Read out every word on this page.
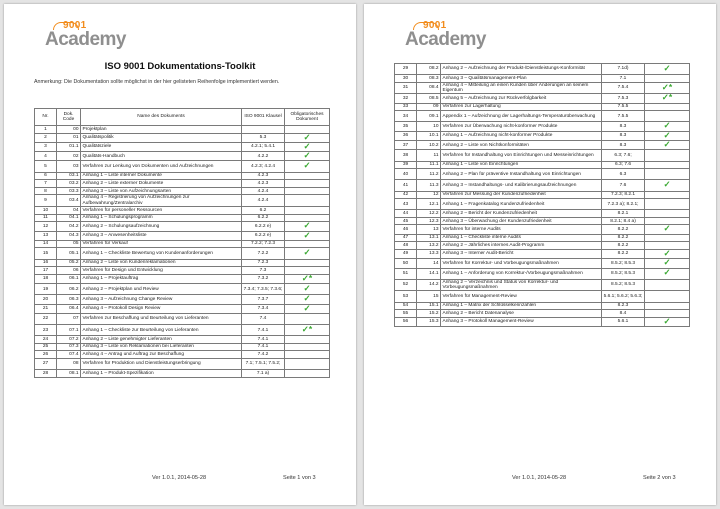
9001
Academy
ISO 9001 Dokumentations-Toolkit
Anmerkung: Die Dokumentation sollte möglichst in der hier gelisteten Reihenfolge implementiert werden.
Nr.	Dok. Code	Name des Dokuments	ISO 9001 Klausel	Obligatorisches Dokument
1	00	Projektplan		
2	01	Qualitätspolitik	5.3	✓
3	01.1	Qualitätsziele	4.2.1; 5.4.1	✓
4	02	Qualitäts-Handbuch	4.2.2	✓
5	03	Verfahren zur Lenkung von Dokumenten und Aufzeichnungen	4.2.3; 4.2.4	✓
6	03.1	Anhang 1 – Liste interner Dokumente	4.2.3	
7	03.2	Anhang 2 – Liste externer Dokumente	4.2.3	
8	03.3	Anhang 3 – Liste von Aufzeichnungsarten	4.2.4	
9	03.4	Anhang 4 – Registrierung von Aufzeichnungen zur Aufbewahrung/Zentralarchiv	4.2.4	
10	04	Verfahren für personeller Ressourcen	6.2	
11	04.1	Anhang 1 – Schulungsprogramm	6.2.2	
12	04.2	Anhang 2 – Schulungsaufzeichnung	6.2.2 e)	✓
13	04.3	Anhang 3 – Anwesenheitsliste	6.2.2 e)	✓
14	05	Verfahren für Verkauf	7.2.2; 7.2.3	
15	05.1	Anhang 1 – Checkliste Bewertung von Kundenanforderungen	7.2.2	✓
16	05.2	Anhang 2 – Liste von Kundenreklamationen	7.2.3	
17	06	Verfahren für Design und Entwicklung	7.3	
18	06.1	Anhang 1 – Projektauftrag	7.3.2	✓*
19	06.2	Anhang 2 – Projektplan und Review	7.3.4; 7.3.5; 7.3.6;	✓
20	06.3	Anhang 3 – Aufzeichnung Change Review	7.3.7	✓
21	06.4	Anhang 4 – Protokoll Design Review	7.3.4	✓
22	07	Verfahren zur Beschaffung und Beurteilung von Lieferanten	7.4	
23	07.1	Anhang 1 – Checkliste zur Beurteilung von Lieferanten	7.4.1	✓*
24	07.2	Anhang 2 – Liste genehmigter Lieferanten	7.4.1	
25	07.3	Anhang 3 – Liste von Reklamationen bei Lieferanten	7.4.1	
26	07.4	Anhang 4 – Antrag und Auftrag zur Beschaffung	7.4.2	
27	08	Verfahren für Produktion und Dienstleistungserbringung	7.1; 7.5.1; 7.5.2;	
28	08.1	Anhang 1 – Produkt-Spezifikation	7.1 a)	
Ver 1.0.1, 2014-05-28	Seite 1 von 3
9001
Academy
29	08.2	Anhang 2 – Aufzeichnung der Produkt-/Dienstleistungs-Konformität	7.1d)	✓
30	08.3	Anhang 3 – Qualitätsmanagement-Plan	7.1	
31	08.4	Anhang 4 – Mitteilung an einen Kunden über Änderungen an seinem Eigentum	7.5.4	✓*
32	08.5	Anhang 5 – Aufzeichnung zur Rückverfolgbarkeit	7.5.3	✓*
33	09	Verfahren zur Lagerhaltung	7.5.5	
34	09.1	Appendix 1 – Aufzeichnung der Lagerhaltungs-Temperaturüberwachung	7.5.5	
35	10	Verfahren zur Überwachung nicht-konformer Produkte	8.3	✓
36	10.1	Anhang 1 – Aufzeichnung nicht-konformer Produkte	8.3	✓
37	10.2	Anhang 2 – Liste von Nichtkonformitäten	8.3	✓
38	11	Verfahren für Instandhaltung von Einrichtungen und Messeinrichtungen	6.3; 7.6;	
39	11.1	Anhang 1 – Liste von Einrichtungen	6.3; 7.6	
40	11.2	Anhang 2 – Plan für präventive Instandhaltung von Einrichtungen	6.3	
41	11.3	Anhang 3 – Instandhaltungs- und Kalibrierungsaufzeichnungen	7.6	✓
42	12	Verfahren zur Messung der Kundenzufriedenheit	7.2.3; 8.2.1	
43	12.1	Anhang 1 – Fragenkatalog Kundenzufriedenheit	7.2.3 a); 8.2.1;	
44	12.2	Anhang 2 – Bericht der Kundenzufriedenheit	8.2.1	
45	12.3	Anhang 3 – Überwachung der Kundenzufriedenheit	8.2.1; 8.4 a)	
46	13	Verfahren für interne Audits	8.2.2	✓
47	13.1	Anhang 1 – Checkliste interne Audits	8.2.2	
48	13.2	Anhang 2 – Jährliches internes Audit-Programm	8.2.2	
49	13.3	Anhang 3 – Interner Audit-Bericht	8.2.2	✓
50	14	Verfahren für Korrektur- und Vorbeugungsmaßnahmen	8.5.2; 8.5.3	✓
51	14.1	Anhang 1 – Anforderung von Korrektur-/Vorbeugungsmaßnahmen	8.5.2; 8.5.3	✓
52	14.2	Anhang 2 – Verzeichnis und Status von Korrektur- und Vorbeugungsmaßnahmen	8.5.2; 8.5.3	
53	15	Verfahren für Management-Review	5.6.1; 5.6.2; 5.6.3;	
54	15.1	Anhang 1 – Matrix der Schlüsselkennzahlen	8.2.3	
55	15.2	Anhang 2 – Bericht Datenanalyse	8.4	
56	15.3	Anhang 3 – Protokoll Management-Review	5.6.1	✓
Ver 1.0.1, 2014-05-28	Seite 2 von 3
